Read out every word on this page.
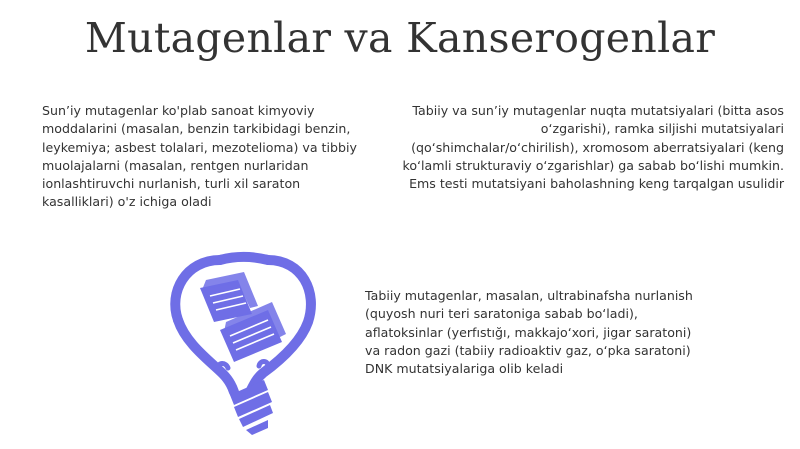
Mutagenlar va Kanserogenlar
Sun’iy mutagenlar ko'plab sanoat kimyoviy moddalarini (masalan, benzin tarkibidagi benzin, leykemiya; asbest tolalari, mezotelioma) va tibbiy muolajalarni (masalan, rentgen nurlaridan ionlashtiruvchi nurlanish, turli xil saraton kasalliklari) o'z ichiga oladi
Tabiiy va sun’iy mutagenlar nuqta mutatsiyalari (bitta asos o‘zgarishi), ramka siljishi mutatsiyalari (qo‘shimchalar/o‘chirilish), xromosom aberratsiyalari (keng ko‘lamli strukturaviy o‘zgarishlar) ga sabab bo‘lishi mumkin. Ems testi mutatsiyani baholashning keng tarqalgan usulidir
Tabiiy mutagenlar, masalan, ultrabinafsha nurlanish (quyosh nuri teri saratoniga sabab bo‘ladi), aflatoksinlar (yerfıstığı, makkajo‘xori, jigar saratoni) va radon gazi (tabiiy radioaktiv gaz, o‘pka saratoni) DNK mutatsiyalariga olib keladi
